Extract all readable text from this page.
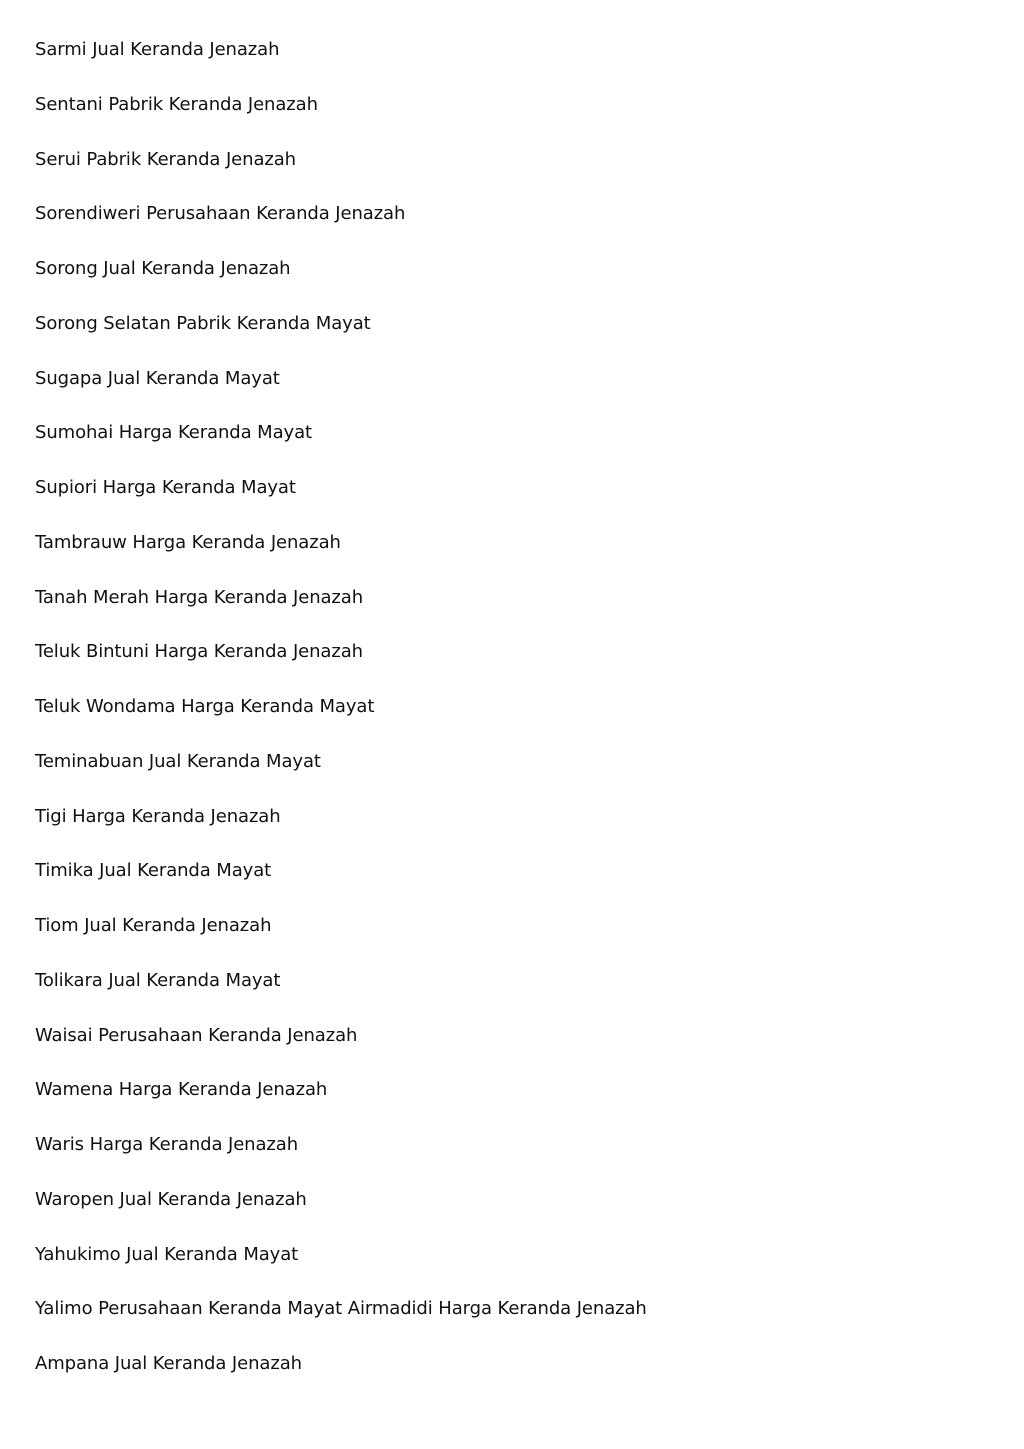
Sarmi Jual Keranda Jenazah
Sentani Pabrik Keranda Jenazah
Serui Pabrik Keranda Jenazah
Sorendiweri Perusahaan Keranda Jenazah
Sorong Jual Keranda Jenazah
Sorong Selatan Pabrik Keranda Mayat
Sugapa Jual Keranda Mayat
Sumohai Harga Keranda Mayat
Supiori Harga Keranda Mayat
Tambrauw Harga Keranda Jenazah
Tanah Merah Harga Keranda Jenazah
Teluk Bintuni Harga Keranda Jenazah
Teluk Wondama Harga Keranda Mayat
Teminabuan Jual Keranda Mayat
Tigi Harga Keranda Jenazah
Timika Jual Keranda Mayat
Tiom Jual Keranda Jenazah
Tolikara Jual Keranda Mayat
Waisai Perusahaan Keranda Jenazah
Wamena Harga Keranda Jenazah
Waris Harga Keranda Jenazah
Waropen Jual Keranda Jenazah
Yahukimo Jual Keranda Mayat
Yalimo Perusahaan Keranda Mayat Airmadidi Harga Keranda Jenazah
Ampana Jual Keranda Jenazah
